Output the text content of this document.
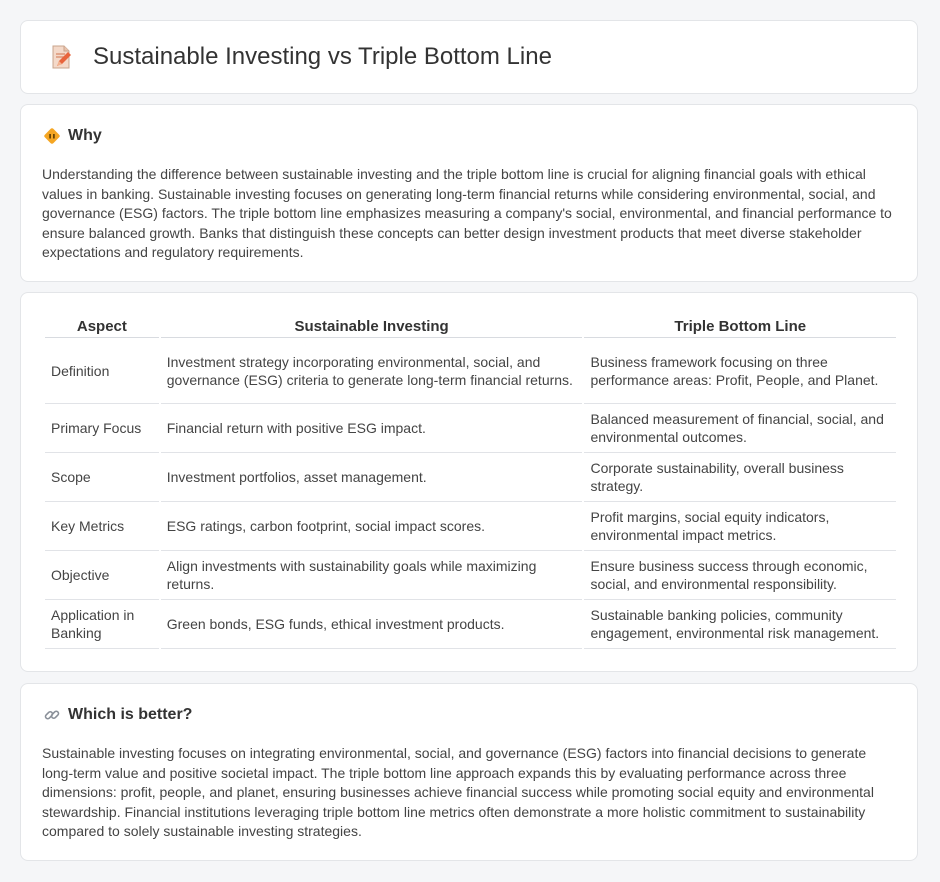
Sustainable Investing vs Triple Bottom Line
Why

Understanding the difference between sustainable investing and the triple bottom line is crucial for aligning financial goals with ethical values in banking. Sustainable investing focuses on generating long-term financial returns while considering environmental, social, and governance (ESG) factors. The triple bottom line emphasizes measuring a company's social, environmental, and financial performance to ensure balanced growth. Banks that distinguish these concepts can better design investment products that meet diverse stakeholder expectations and regulatory requirements.

Aspect	Sustainable Investing	Triple Bottom Line
Definition	Investment strategy incorporating environmental, social, and governance (ESG) criteria to generate long-term financial returns.	Business framework focusing on three performance areas: Profit, People, and Planet.
Primary Focus	Financial return with positive ESG impact.	Balanced measurement of financial, social, and environmental outcomes.
Scope	Investment portfolios, asset management.	Corporate sustainability, overall business strategy.
Key Metrics	ESG ratings, carbon footprint, social impact scores.	Profit margins, social equity indicators, environmental impact metrics.
Objective	Align investments with sustainability goals while maximizing returns.	Ensure business success through economic, social, and environmental responsibility.
Application in Banking	Green bonds, ESG funds, ethical investment products.	Sustainable banking policies, community engagement, environmental risk management.
Which is better?

Sustainable investing focuses on integrating environmental, social, and governance (ESG) factors into financial decisions to generate long-term value and positive societal impact. The triple bottom line approach expands this by evaluating performance across three dimensions: profit, people, and planet, ensuring businesses achieve financial success while promoting social equity and environmental stewardship. Financial institutions leveraging triple bottom line metrics often demonstrate a more holistic commitment to sustainability compared to solely sustainable investing strategies.
